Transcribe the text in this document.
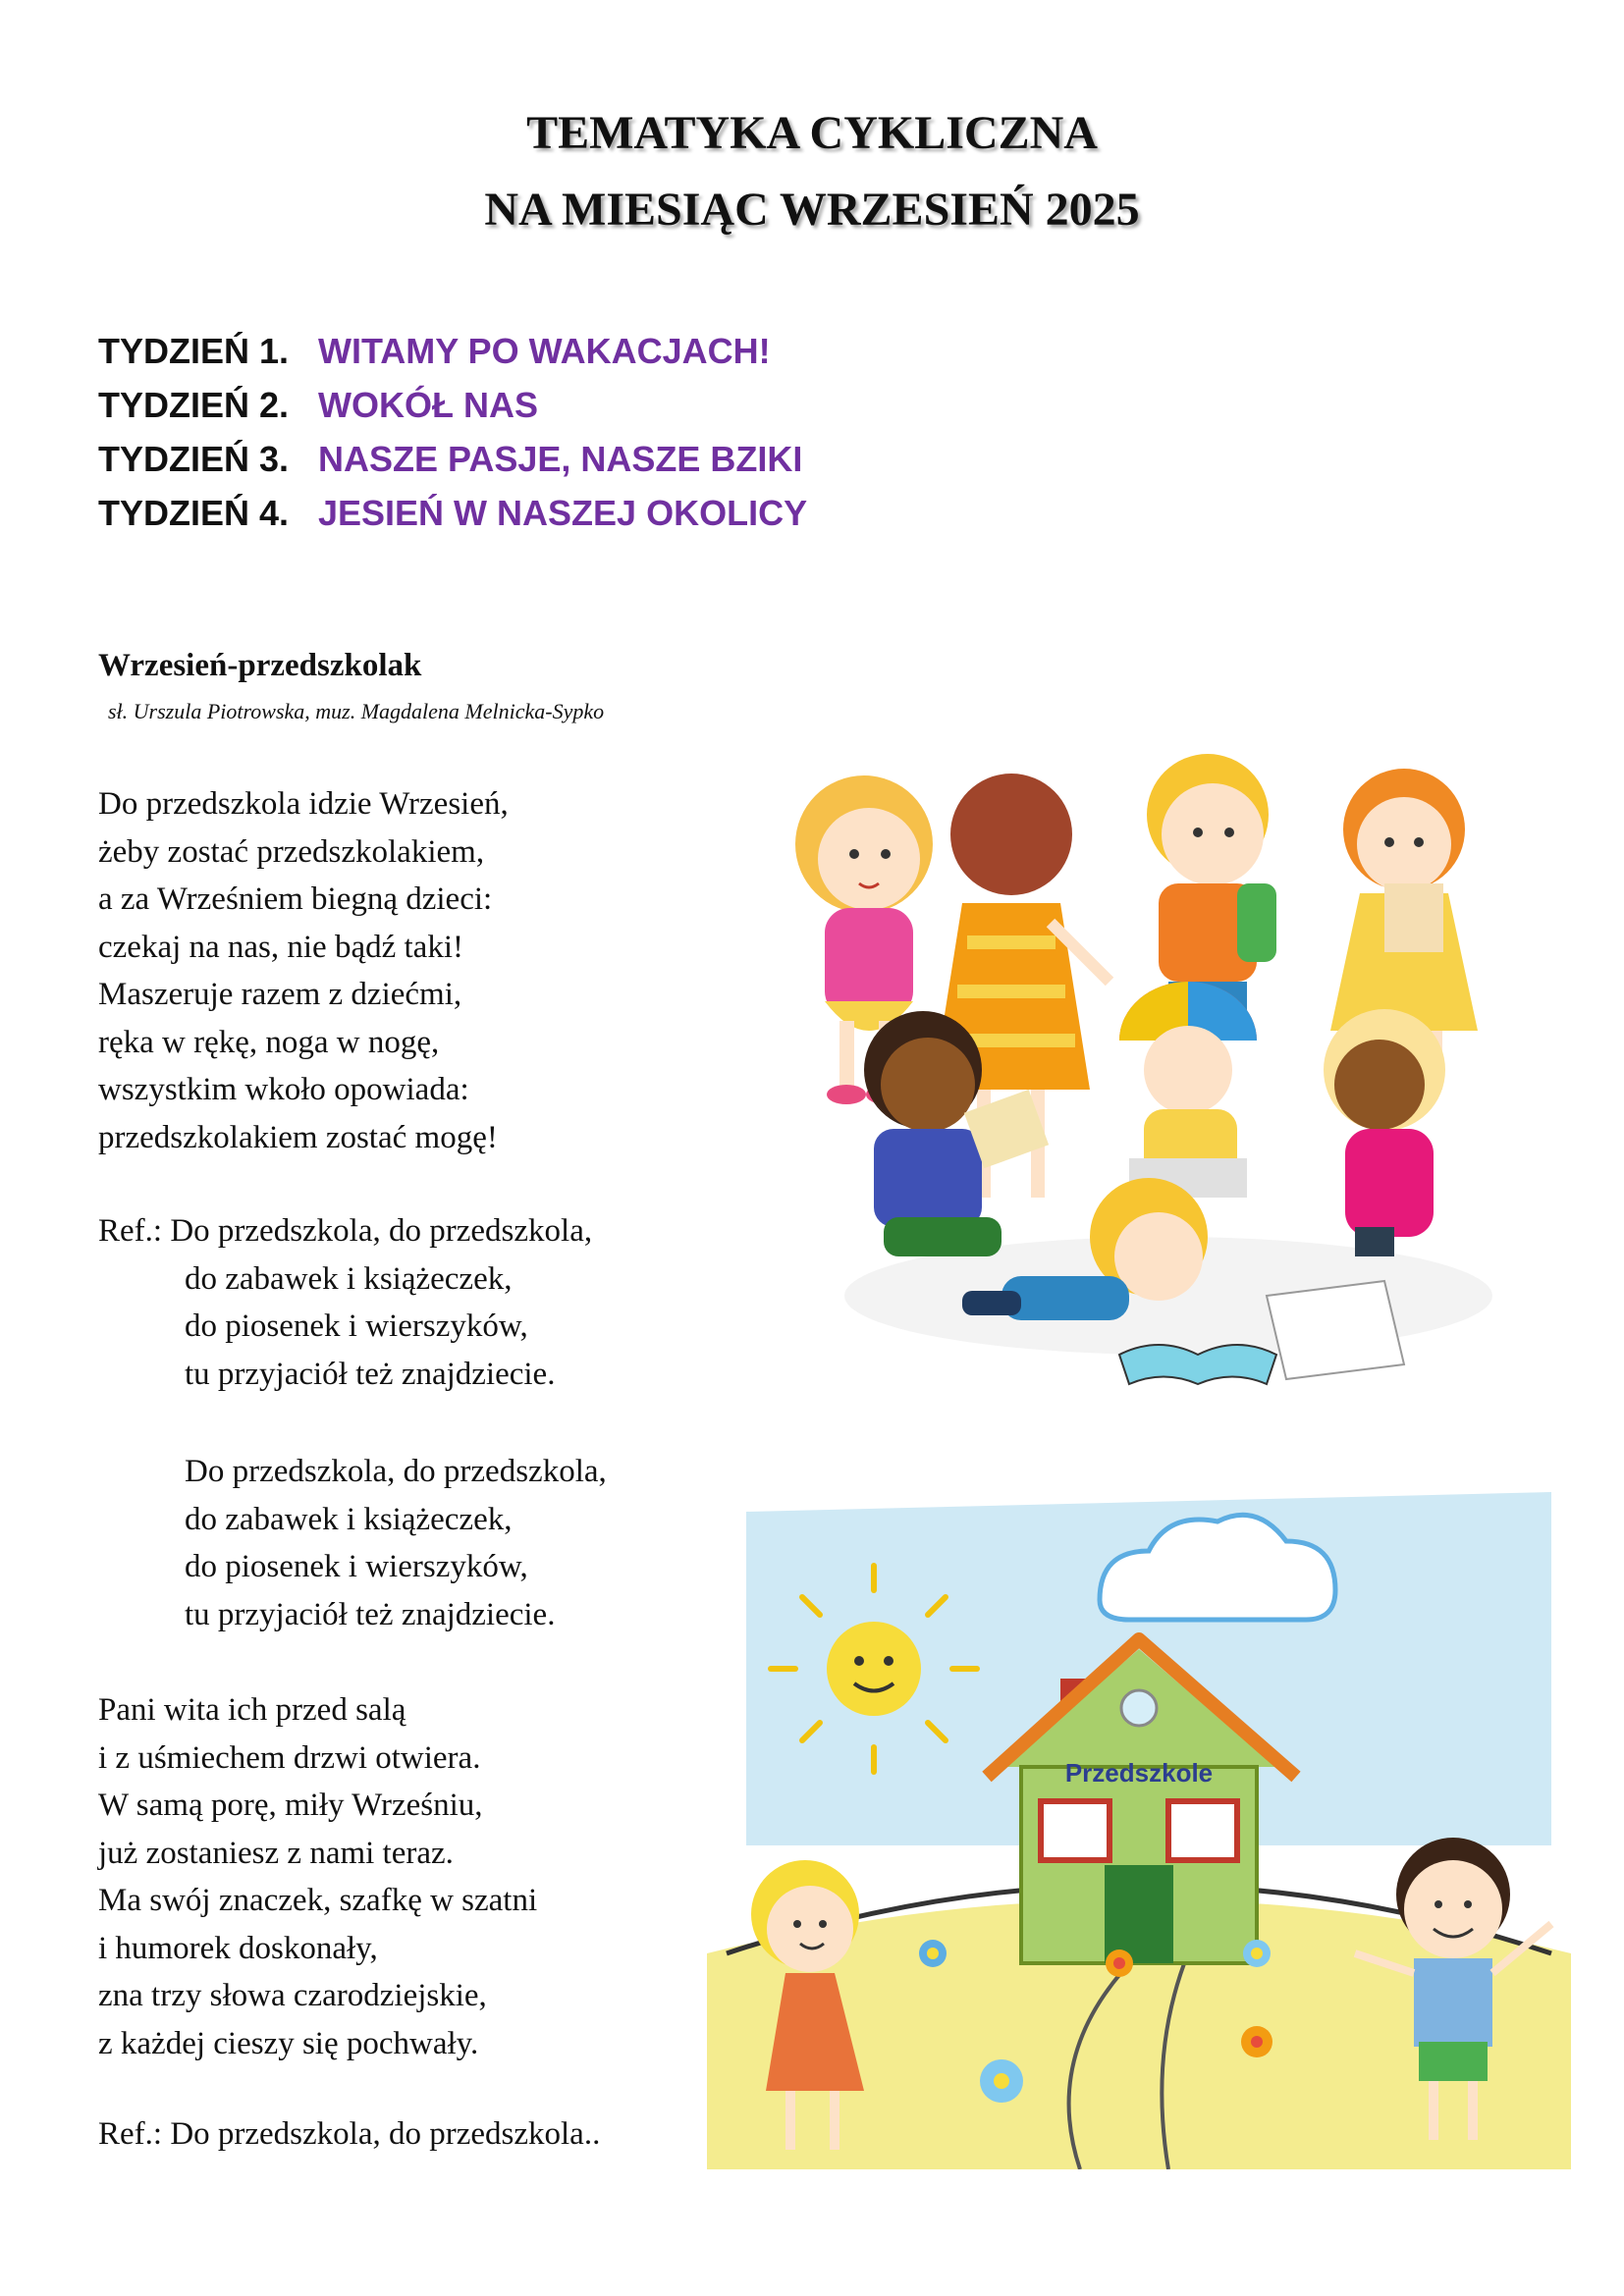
TEMATYKA CYKLICZNA
NA MIESIĄC WRZESIEŃ 2025
TYDZIEŃ 1. WITAMY PO WAKACJACH!
TYDZIEŃ 2. WOKÓŁ NAS
TYDZIEŃ 3. NASZE PASJE, NASZE BZIKI
TYDZIEŃ 4. JESIEŃ W NASZEJ OKOLICY
Wrzesień-przedszkolak
sł. Urszula Piotrowska, muz. Magdalena Melnicka-Sypko
Do przedszkola idzie Wrzesień,
żeby zostać przedszkolakiem,
a za Wrześniem biegną dzieci:
czekaj na nas, nie bądź taki!
Maszeruje razem z dziećmi,
ręka w rękę, noga w nogę,
wszystkim wkoło opowiada:
przedszkolakiem zostać mogę!
Ref.: Do przedszkola, do przedszkola,
do zabawek i książeczek,
do piosenek i wierszyków,
tu przyjaciół też znajdziecie.
Do przedszkola, do przedszkola,
do zabawek i książeczek,
do piosenek i wierszyków,
tu przyjaciół też znajdziecie.
Pani wita ich przed salą
i z uśmiechem drzwi otwiera.
W samą porę, miły Wrześniu,
już zostaniesz z nami teraz.
Ma swój znaczek, szafkę w szatni
i humorek doskonały,
zna trzy słowa czarodziejskie,
z każdej cieszy się pochwały.
Ref.: Do przedszkola, do przedszkola..
Przedszkole
